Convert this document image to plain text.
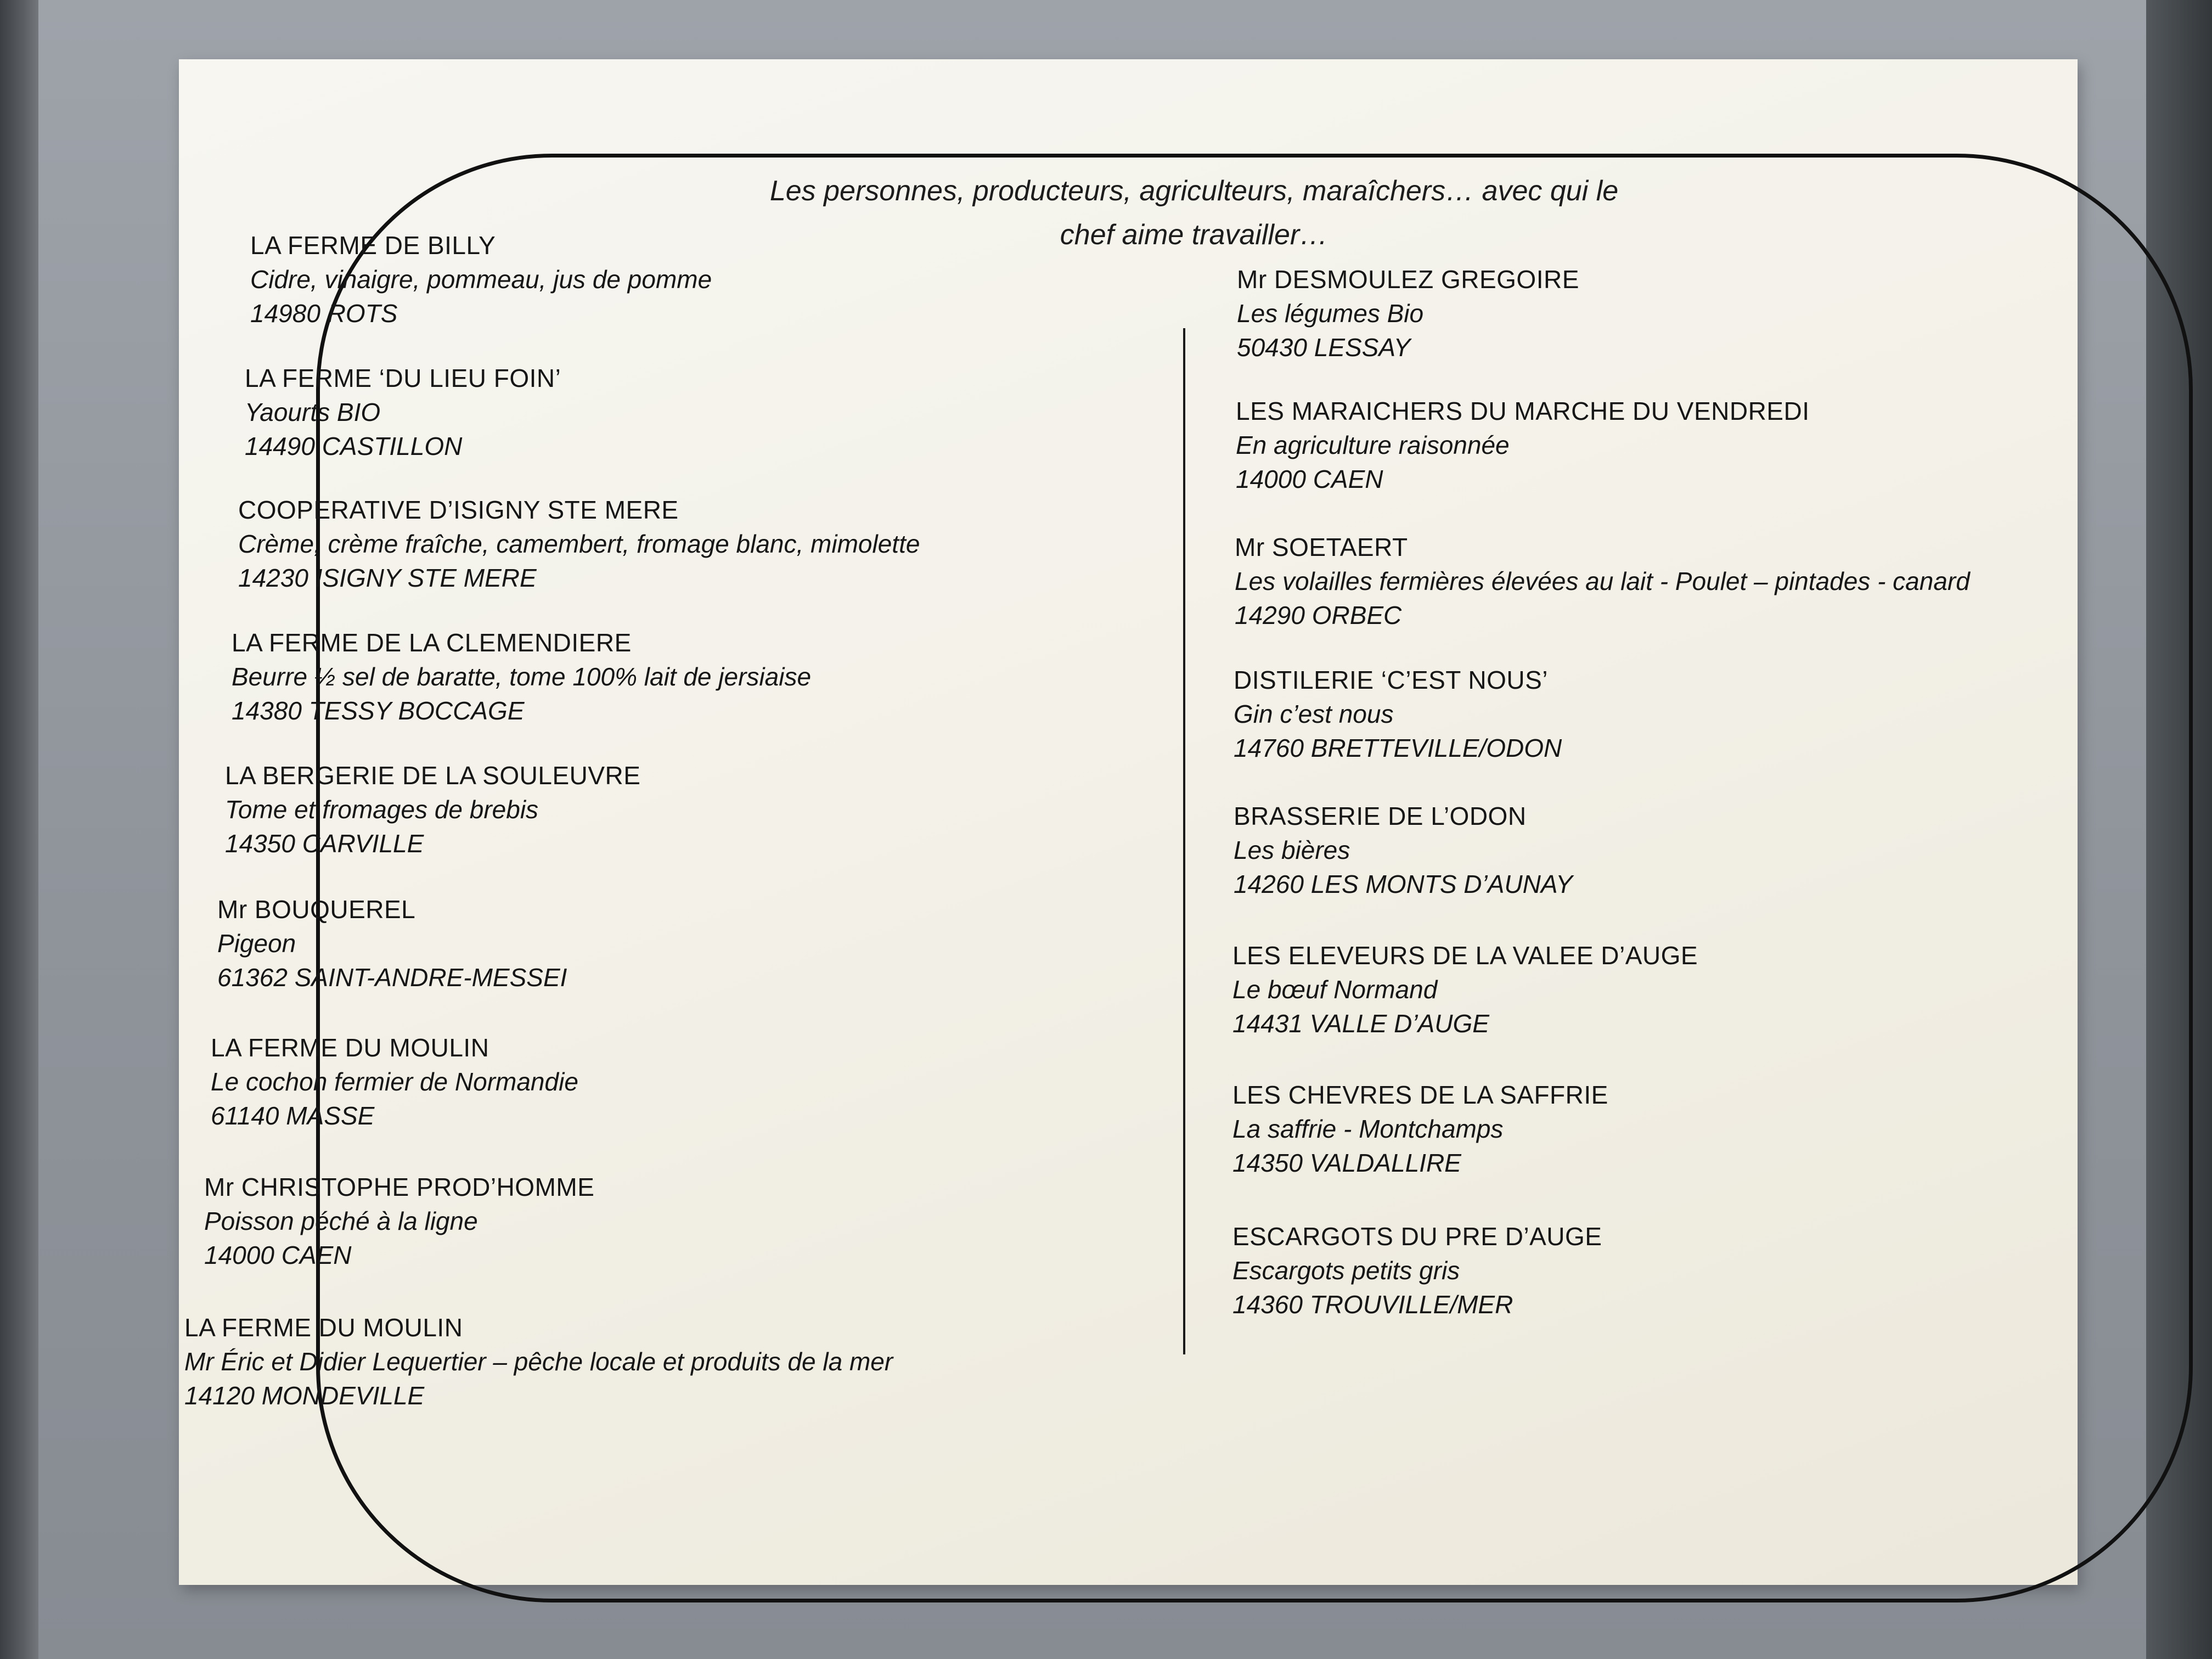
Les personnes, producteurs, agriculteurs, maraîchers… avec qui le
chef aime travailler…
LA FERME DE BILLY
Cidre, vinaigre, pommeau, jus de pomme
14980 ROTS
LA FERME ‘DU LIEU FOIN’
Yaourts BIO
14490 CASTILLON
COOPERATIVE D’ISIGNY STE MERE
Crème, crème fraîche, camembert, fromage blanc, mimolette
14230 ISIGNY STE MERE
LA FERME DE LA CLEMENDIERE
Beurre ½ sel de baratte, tome 100% lait de jersiaise
14380 TESSY BOCCAGE
LA BERGERIE DE LA SOULEUVRE
Tome et fromages de brebis
14350 CARVILLE
Mr BOUQUEREL
Pigeon
61362 SAINT-ANDRE-MESSEI
LA FERME DU MOULIN
Le cochon fermier de Normandie
61140 MASSE
Mr CHRISTOPHE PROD’HOMME
Poisson péché à la ligne
14000 CAEN
LA FERME DU MOULIN
Mr Éric et Didier Lequertier – pêche locale et produits de la mer
14120 MONDEVILLE
Mr DESMOULEZ GREGOIRE
Les légumes Bio
50430 LESSAY
LES MARAICHERS DU MARCHE DU VENDREDI
En agriculture raisonnée
14000 CAEN
Mr SOETAERT
Les volailles fermières élevées au lait - Poulet – pintades - canard
14290 ORBEC
DISTILERIE ‘C’EST NOUS’
Gin c’est nous
14760 BRETTEVILLE/ODON
BRASSERIE DE L’ODON
Les bières
14260 LES MONTS D’AUNAY
LES ELEVEURS DE LA VALEE D’AUGE
Le bœuf Normand
14431 VALLE D’AUGE
LES CHEVRES DE LA SAFFRIE
La saffrie - Montchamps
14350 VALDALLIRE
ESCARGOTS DU PRE D’AUGE
Escargots petits gris
14360 TROUVILLE/MER
